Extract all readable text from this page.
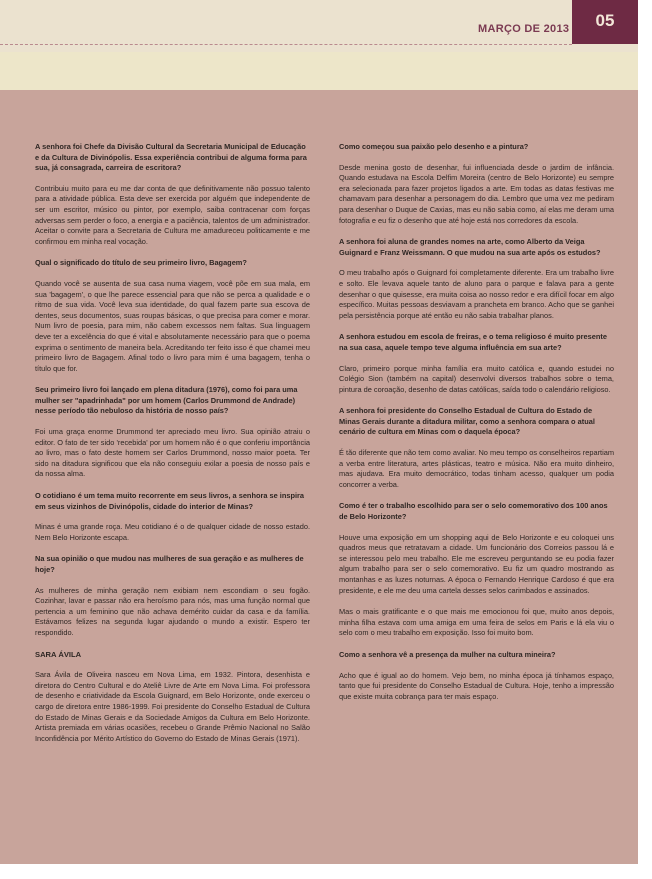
MARÇO DE 2013	05

A senhora foi Chefe da Divisão Cultural da Secretaria Municipal de Educação e da Cultura de Divinópolis. Essa experiência contribui de alguma forma para sua, já consagrada, carreira de escritora?

Contribuiu muito para eu me dar conta de que definitivamente não possuo talento para a atividade pública. Esta deve ser exercida por alguém que independente de ser um escritor, músico ou pintor, por exemplo, saiba contracenar com forças adversas sem perder o foco, a energia e a paciência, talentos de um administrador. Aceitar o convite para a Secretaria de Cultura me amadureceu politicamente e me confirmou em minha real vocação.

Qual o significado do título de seu primeiro livro, Bagagem?

Quando você se ausenta de sua casa numa viagem, você põe em sua mala, em sua 'bagagem', o que lhe parece essencial para que não se perca a qualidade e o ritmo de sua vida. Você leva sua identidade, do qual fazem parte sua escova de dentes, seus documentos, suas roupas básicas, o que precisa para comer e morar. Num livro de poesia, para mim, não cabem excessos nem faltas. Sua linguagem deve ter a excelência do que é vital e absolutamente necessário para que o poema exprima o sentimento de maneira bela. Acreditando ter feito isso é que chamei meu primeiro livro de Bagagem. Afinal todo o livro para mim é uma bagagem, tenha o título que for.

Seu primeiro livro foi lançado em plena ditadura (1976), como foi para uma mulher ser "apadrinhada" por um homem (Carlos Drummond de Andrade) nesse período tão nebuloso da história de nosso país?

Foi uma graça enorme Drummond ter apreciado meu livro. Sua opinião atraiu o editor. O fato de ter sido 'recebida' por um homem não é o que conferiu importância ao livro, mas o fato deste homem ser Carlos Drummond, nosso maior poeta. Ter sido na ditadura significou que ela não conseguiu exilar a poesia de nosso país e da nossa alma.

O cotidiano é um tema muito recorrente em seus livros, a senhora se inspira em seus vizinhos de Divinópolis, cidade do interior de Minas?

Minas é uma grande roça. Meu cotidiano é o de qualquer cidade de nosso estado. Nem Belo Horizonte escapa.

Na sua opinião o que mudou nas mulheres de sua geração e as mulheres de hoje?

As mulheres de minha geração nem exibiam nem escondiam o seu fogão. Cozinhar, lavar e passar não era heroísmo para nós, mas uma função normal que pertencia a um feminino que não achava demérito cuidar da casa e da família. Estávamos felizes na segunda lugar ajudando o mundo a existir. Espero ter respondido.

SARA ÁVILA

Sara Ávila de Oliveira nasceu em Nova Lima, em 1932. Pintora, desenhista e diretora do Centro Cultural e do Ateliê Livre de Arte em Nova Lima. Foi professora de desenho e criatividade da Escola Guignard, em Belo Horizonte, onde exerceu o cargo de diretora entre 1986-1999. Foi presidente do Conselho Estadual de Cultura do Estado de Minas Gerais e da Sociedade Amigos da Cultura em Belo Horizonte. Artista premiada em várias ocasiões, recebeu o Grande Prêmio Nacional no Salão Inconfidência por Mérito Artístico do Governo do Estado de Minas Gerais (1971).

Como começou sua paixão pelo desenho e a pintura?

Desde menina gosto de desenhar, fui influenciada desde o jardim de infância. Quando estudava na Escola Delfim Moreira (centro de Belo Horizonte) eu sempre era selecionada para fazer projetos ligados a arte. Em todas as datas festivas me chamavam para desenhar a personagem do dia. Lembro que uma vez me pediram para desenhar o Duque de Caxias, mas eu não sabia como, aí elas me deram uma fotografia e eu fiz o desenho que até hoje está nos corredores da escola.

A senhora foi aluna de grandes nomes na arte, como Alberto da Veiga Guignard e Franz Weissmann. O que mudou na sua arte após os estudos?

O meu trabalho após o Guignard foi completamente diferente. Era um trabalho livre e solto. Ele levava aquele tanto de aluno para o parque e falava para a gente desenhar o que quisesse, era muita coisa ao nosso redor e era difícil focar em algo específico. Muitas pessoas desviavam a prancheta em branco. Acho que se ganhei pela persistência porque até então eu não sabia trabalhar planos.

A senhora estudou em escola de freiras, e o tema religioso é muito presente na sua casa, aquele tempo teve alguma influência em sua arte?

Claro, primeiro porque minha família era muito católica e, quando estudei no Colégio Sion (também na capital) desenvolvi diversos trabalhos sobre o tema, pintura de coroação, desenho de datas católicas, saída todo o calendário religioso.

A senhora foi presidente do Conselho Estadual de Cultura do Estado de Minas Gerais durante a ditadura militar, como a senhora compara o atual cenário de cultura em Minas com o daquela época?

É tão diferente que não tem como avaliar. No meu tempo os conselheiros repartiam a verba entre literatura, artes plásticas, teatro e música. Não era muito dinheiro, mas ajudava. Era muito democrático, todas tinham acesso, qualquer um podia concorrer a verba.

Como é ter o trabalho escolhido para ser o selo comemorativo dos 100 anos de Belo Horizonte?

Houve uma exposição em um shopping aqui de Belo Horizonte e eu coloquei uns quadros meus que retratavam a cidade. Um funcionário dos Correios passou lá e se interessou pelo meu trabalho. Ele me escreveu perguntando se eu podia fazer algum trabalho para ser o selo comemorativo. Eu fiz um quadro mostrando as montanhas e as luzes noturnas. A época o Fernando Henrique Cardoso é que era presidente, e ele me deu uma cartela desses selos carimbados e assinados.

Mas o mais gratificante e o que mais me emocionou foi que, muito anos depois, minha filha estava com uma amiga em uma feira de selos em Paris e lá ela viu o selo com o meu trabalho em exposição. Isso foi muito bom.

Como a senhora vê a presença da mulher na cultura mineira?

Acho que é igual ao do homem. Vejo bem, no minha época já tínhamos espaço, tanto que fui presidente do Conselho Estadual de Cultura. Hoje, tenho a impressão que existe muita cobrança para ter mais espaço.
